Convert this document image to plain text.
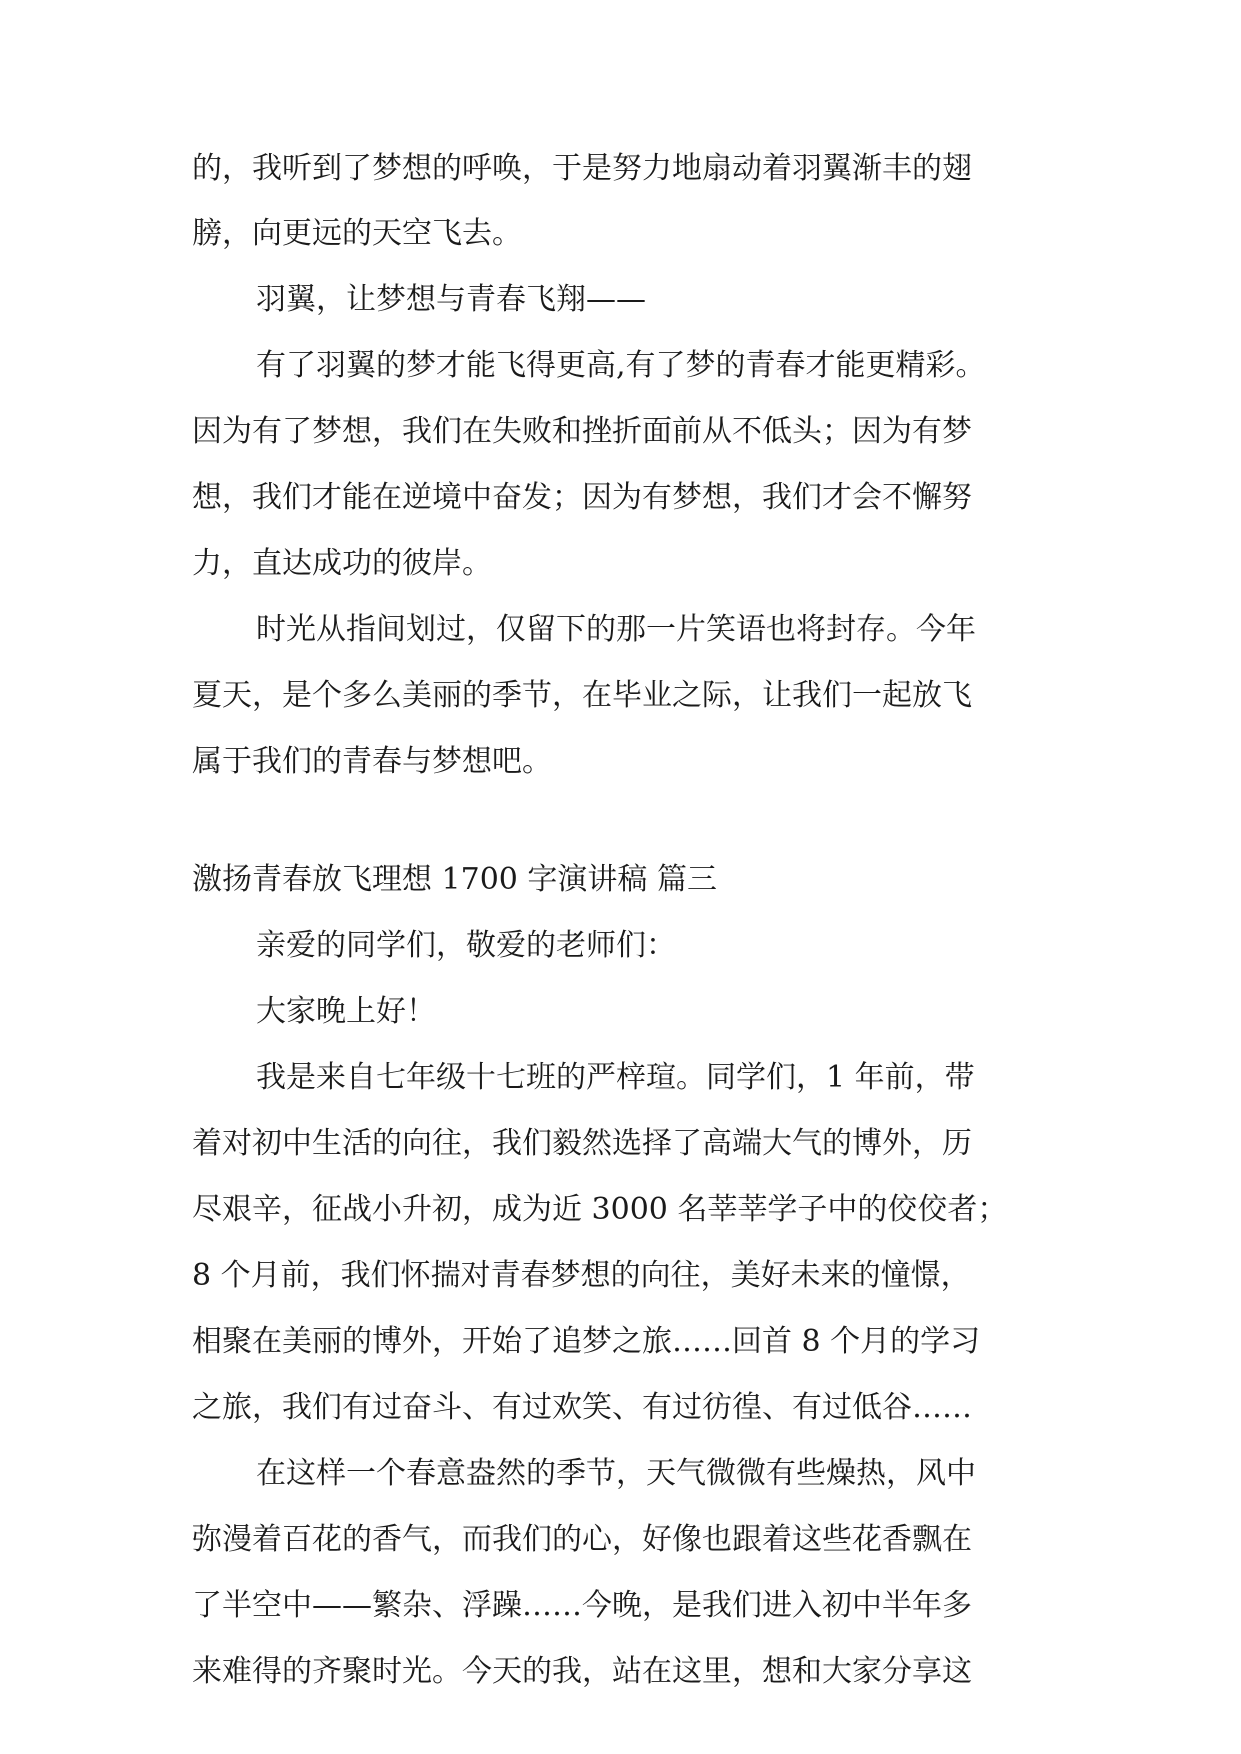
的，我听到了梦想的呼唤，于是努力地扇动着羽翼渐丰的翅
膀，向更远的天空飞去。
羽翼，让梦想与青春飞翔——
有了羽翼的梦才能飞得更高,有了梦的青春才能更精彩。
因为有了梦想，我们在失败和挫折面前从不低头；因为有梦
想，我们才能在逆境中奋发；因为有梦想，我们才会不懈努
力，直达成功的彼岸。
时光从指间划过，仅留下的那一片笑语也将封存。今年
夏天，是个多么美丽的季节，在毕业之际，让我们一起放飞
属于我们的青春与梦想吧。
激扬青春放飞理想 1700 字演讲稿 篇三
亲爱的同学们，敬爱的老师们：
大家晚上好！
我是来自七年级十七班的严梓瑄。同学们，1 年前，带
着对初中生活的向往，我们毅然选择了高端大气的博外，历
尽艰辛，征战小升初，成为近 3000 名莘莘学子中的佼佼者；
8 个月前，我们怀揣对青春梦想的向往，美好未来的憧憬，
相聚在美丽的博外，开始了追梦之旅……回首 8 个月的学习
之旅，我们有过奋斗、有过欢笑、有过彷徨、有过低谷……
在这样一个春意盎然的季节，天气微微有些燥热，风中
弥漫着百花的香气，而我们的心，好像也跟着这些花香飘在
了半空中——繁杂、浮躁……今晚，是我们进入初中半年多
来难得的齐聚时光。今天的我，站在这里，想和大家分享这
